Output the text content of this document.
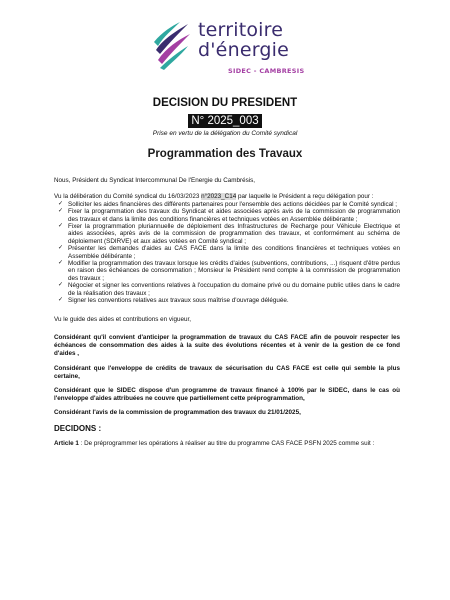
territoire
d'énergie
SIDEC - CAMBRESIS
DECISION DU PRESIDENT
N° 2025_003
Prise en vertu de la délégation du Comité syndical
Programmation des Travaux

Nous, Président du Syndicat Intercommunal De l'Energie du Cambrésis,

Vu la délibération du Comité syndical du 16/03/2023 n°2023_C14 par laquelle le Président a reçu délégation pour :

✓ Solliciter les aides financières des différents partenaires pour l'ensemble des actions décidées par le Comité syndical ;
✓ Fixer la programmation des travaux du Syndicat et aides associées après avis de la commission de programmation des travaux et dans la limite des conditions financières et techniques votées en Assemblée délibérante ;
✓ Fixer la programmation pluriannuelle de déploiement des Infrastructures de Recharge pour Véhicule Electrique et aides associées, après avis de la commission de programmation des travaux, et conformément au schéma de déploiement (SDIRVE) et aux aides votées en Comité syndical ;
✓ Présenter les demandes d'aides au CAS FACE dans la limite des conditions financières et techniques votées en Assemblée délibérante ;
✓ Modifier la programmation des travaux lorsque les crédits d'aides (subventions, contributions, ...) risquent d'être perdus en raison des échéances de consommation ; Monsieur le Président rend compte à la commission de programmation des travaux ;
✓ Négocier et signer les conventions relatives à l'occupation du domaine privé ou du domaine public utiles dans le cadre de la réalisation des travaux ;
✓ Signer les conventions relatives aux travaux sous maîtrise d'ouvrage déléguée.

Vu le guide des aides et contributions en vigueur,

Considérant qu'il convient d'anticiper la programmation de travaux du CAS FACE afin de pouvoir respecter les échéances de consommation des aides à la suite des évolutions récentes et à venir de la gestion de ce fond d'aides ,

Considérant que l'enveloppe de crédits de travaux de sécurisation du CAS FACE est celle qui semble la plus certaine,

Considérant que le SIDEC dispose d'un programme de travaux financé à 100% par le SIDEC, dans le cas où l'enveloppe d'aides attribuées ne couvre que partiellement cette préprogrammation,

Considérant l'avis de la commission de programmation des travaux du 21/01/2025,

DECIDONS :

Article 1 : De préprogrammer les opérations à réaliser au titre du programme CAS FACE PSFN 2025 comme suit :
